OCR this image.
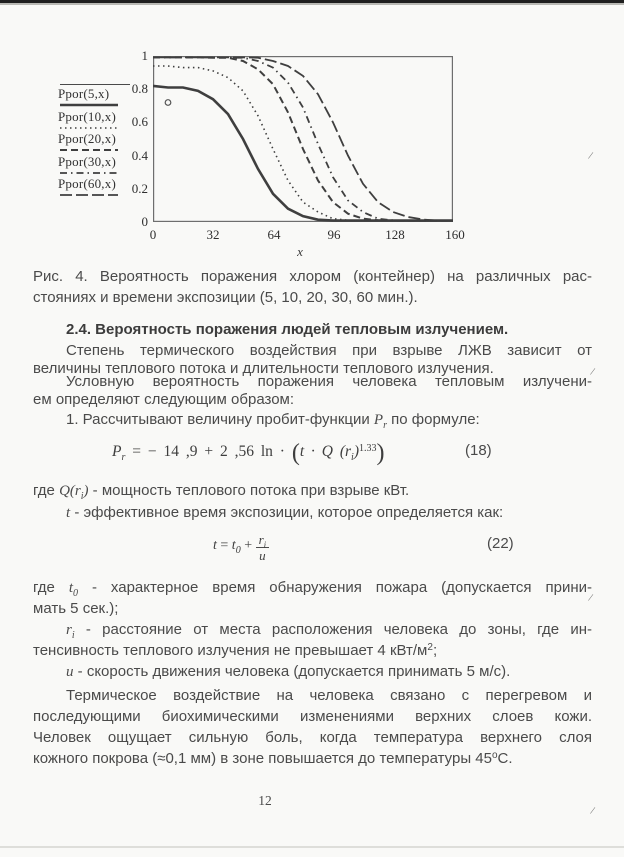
/
/
/
/
Ppor(5,x)
Ppor(10,x)
Ppor(20,x)
Ppor(30,x)
Ppor(60,x)
1
0.8
0.6
0.4
0.2
0
0	32	64	96	128	160
x
Рис. 4. Вероятность поражения хлором (контейнер) на различных рас-
стояниях и времени экспозиции (5, 10, 20, 30, 60 мин.).
2.4. Вероятность поражения людей тепловым излучением.
Степень термического воздействия при взрыве ЛЖВ зависит от
величины теплового потока и длительности теплового излучения.
Условную вероятность поражения человека тепловым излучени-
ем определяют следующим образом:
1. Рассчитывают величину пробит-функции $P_r$ по формуле:
$P_r$ = − 14 ,9 + 2 ,56 ln · (t · Q $(r_i)^{1.33}$)	(18)
где $Q(r_i)$ - мощность теплового потока при взрыве кВт.
t - эффективное время экспозиции, которое определяется как:
$t = t_0 + \frac{r_i}{u}$	(22)
где $t_0$ - характерное время обнаружения пожара (допускается прини-
мать 5 сек.);
$r_i$ - расстояние от места расположения человека до зоны, где ин-
тенсивность теплового излучения не превышает 4 кВт/$м^2$;
u - скорость движения человека (допускается принимать 5 м/с).
Термическое воздействие на человека связано с перегревом и
последующими биохимическими изменениями верхних слоев кожи.
Человек ощущает сильную боль, когда температура верхнего слоя
кожного покрова (≈0,1 мм) в зоне повышается до температуры $45^оС$.
12
